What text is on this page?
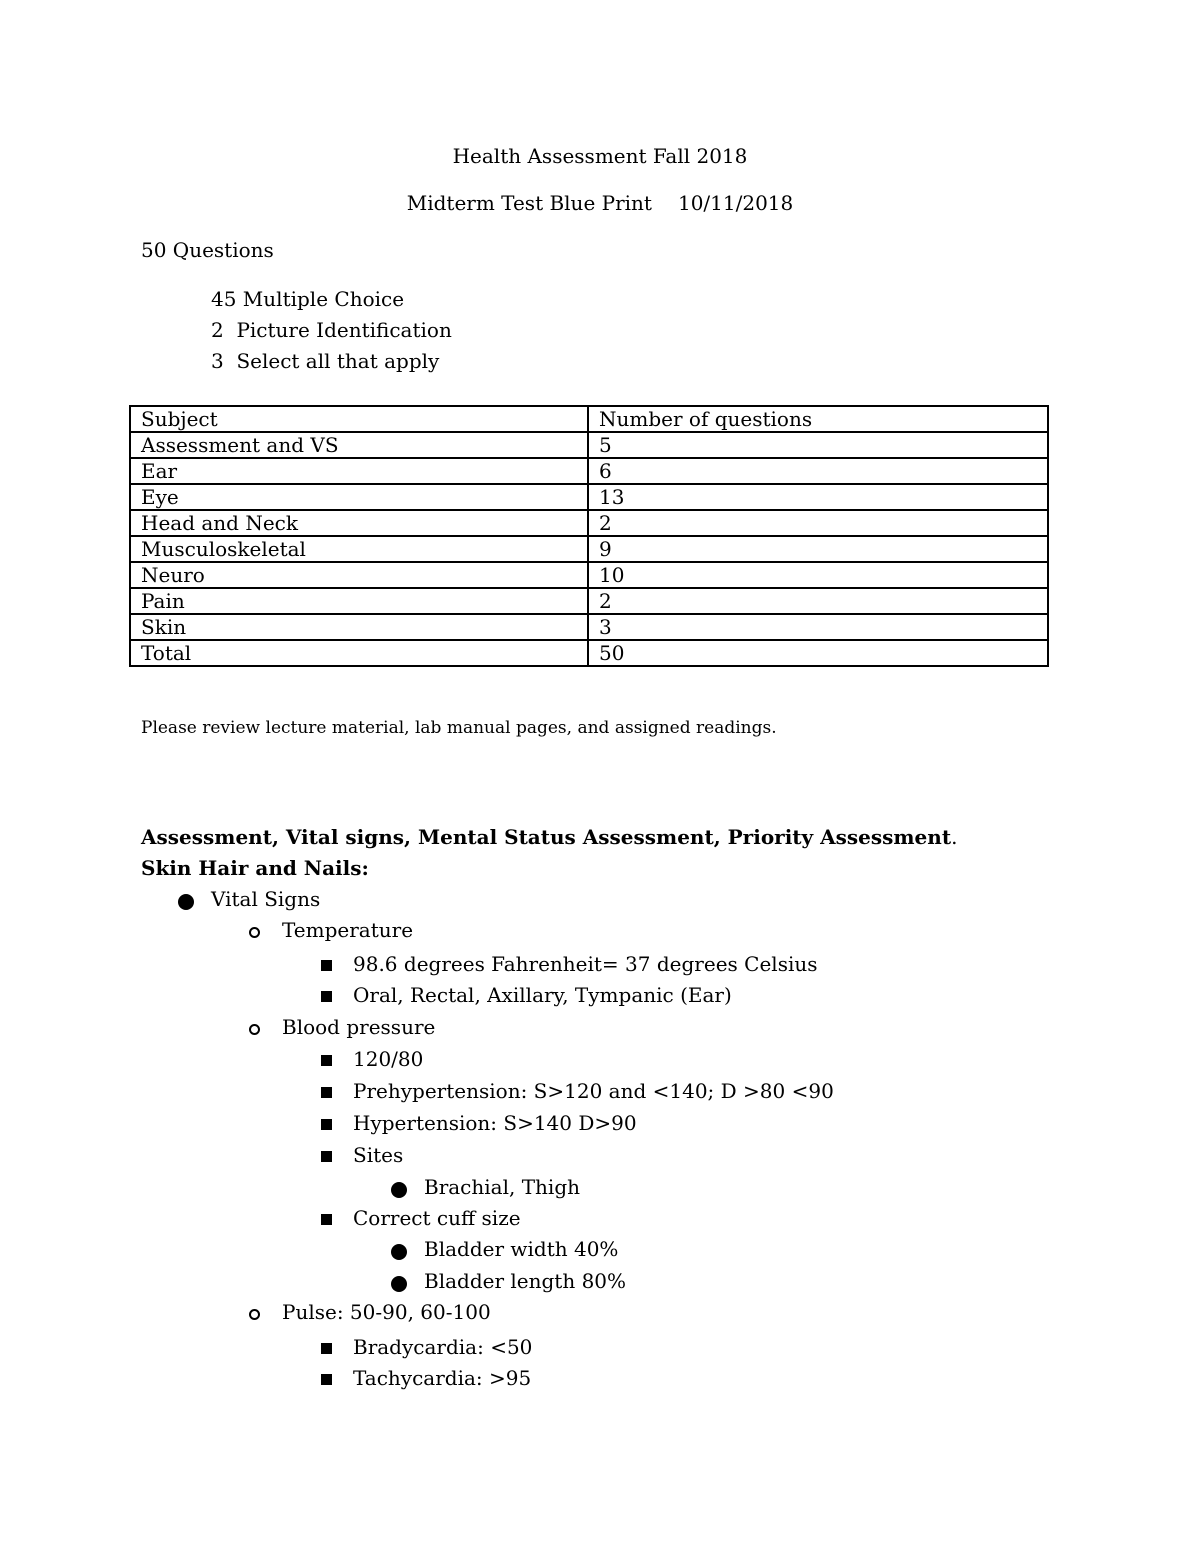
Health Assessment Fall 2018
Midterm Test Blue Print 10/11/2018
50 Questions
45 Multiple Choice
2  Picture Identification
3  Select all that apply
Subject	Number of questions
Assessment and VS	5
Ear	6
Eye	13
Head and Neck	2
Musculoskeletal	9
Neuro	10
Pain	2
Skin	3
Total	50
Please review lecture material, lab manual pages, and assigned readings.
Assessment, Vital signs, Mental Status Assessment, Priority Assessment.
Skin Hair and Nails:
Vital Signs
Temperature
98.6 degrees Fahrenheit= 37 degrees Celsius
Oral, Rectal, Axillary, Tympanic (Ear)
Blood pressure
120/80
Prehypertension: S>120 and <140; D >80 <90
Hypertension: S>140 D>90
Sites
Brachial, Thigh
Correct cuff size
Bladder width 40%
Bladder length 80%
Pulse: 50-90, 60-100
Bradycardia: <50
Tachycardia: >95
